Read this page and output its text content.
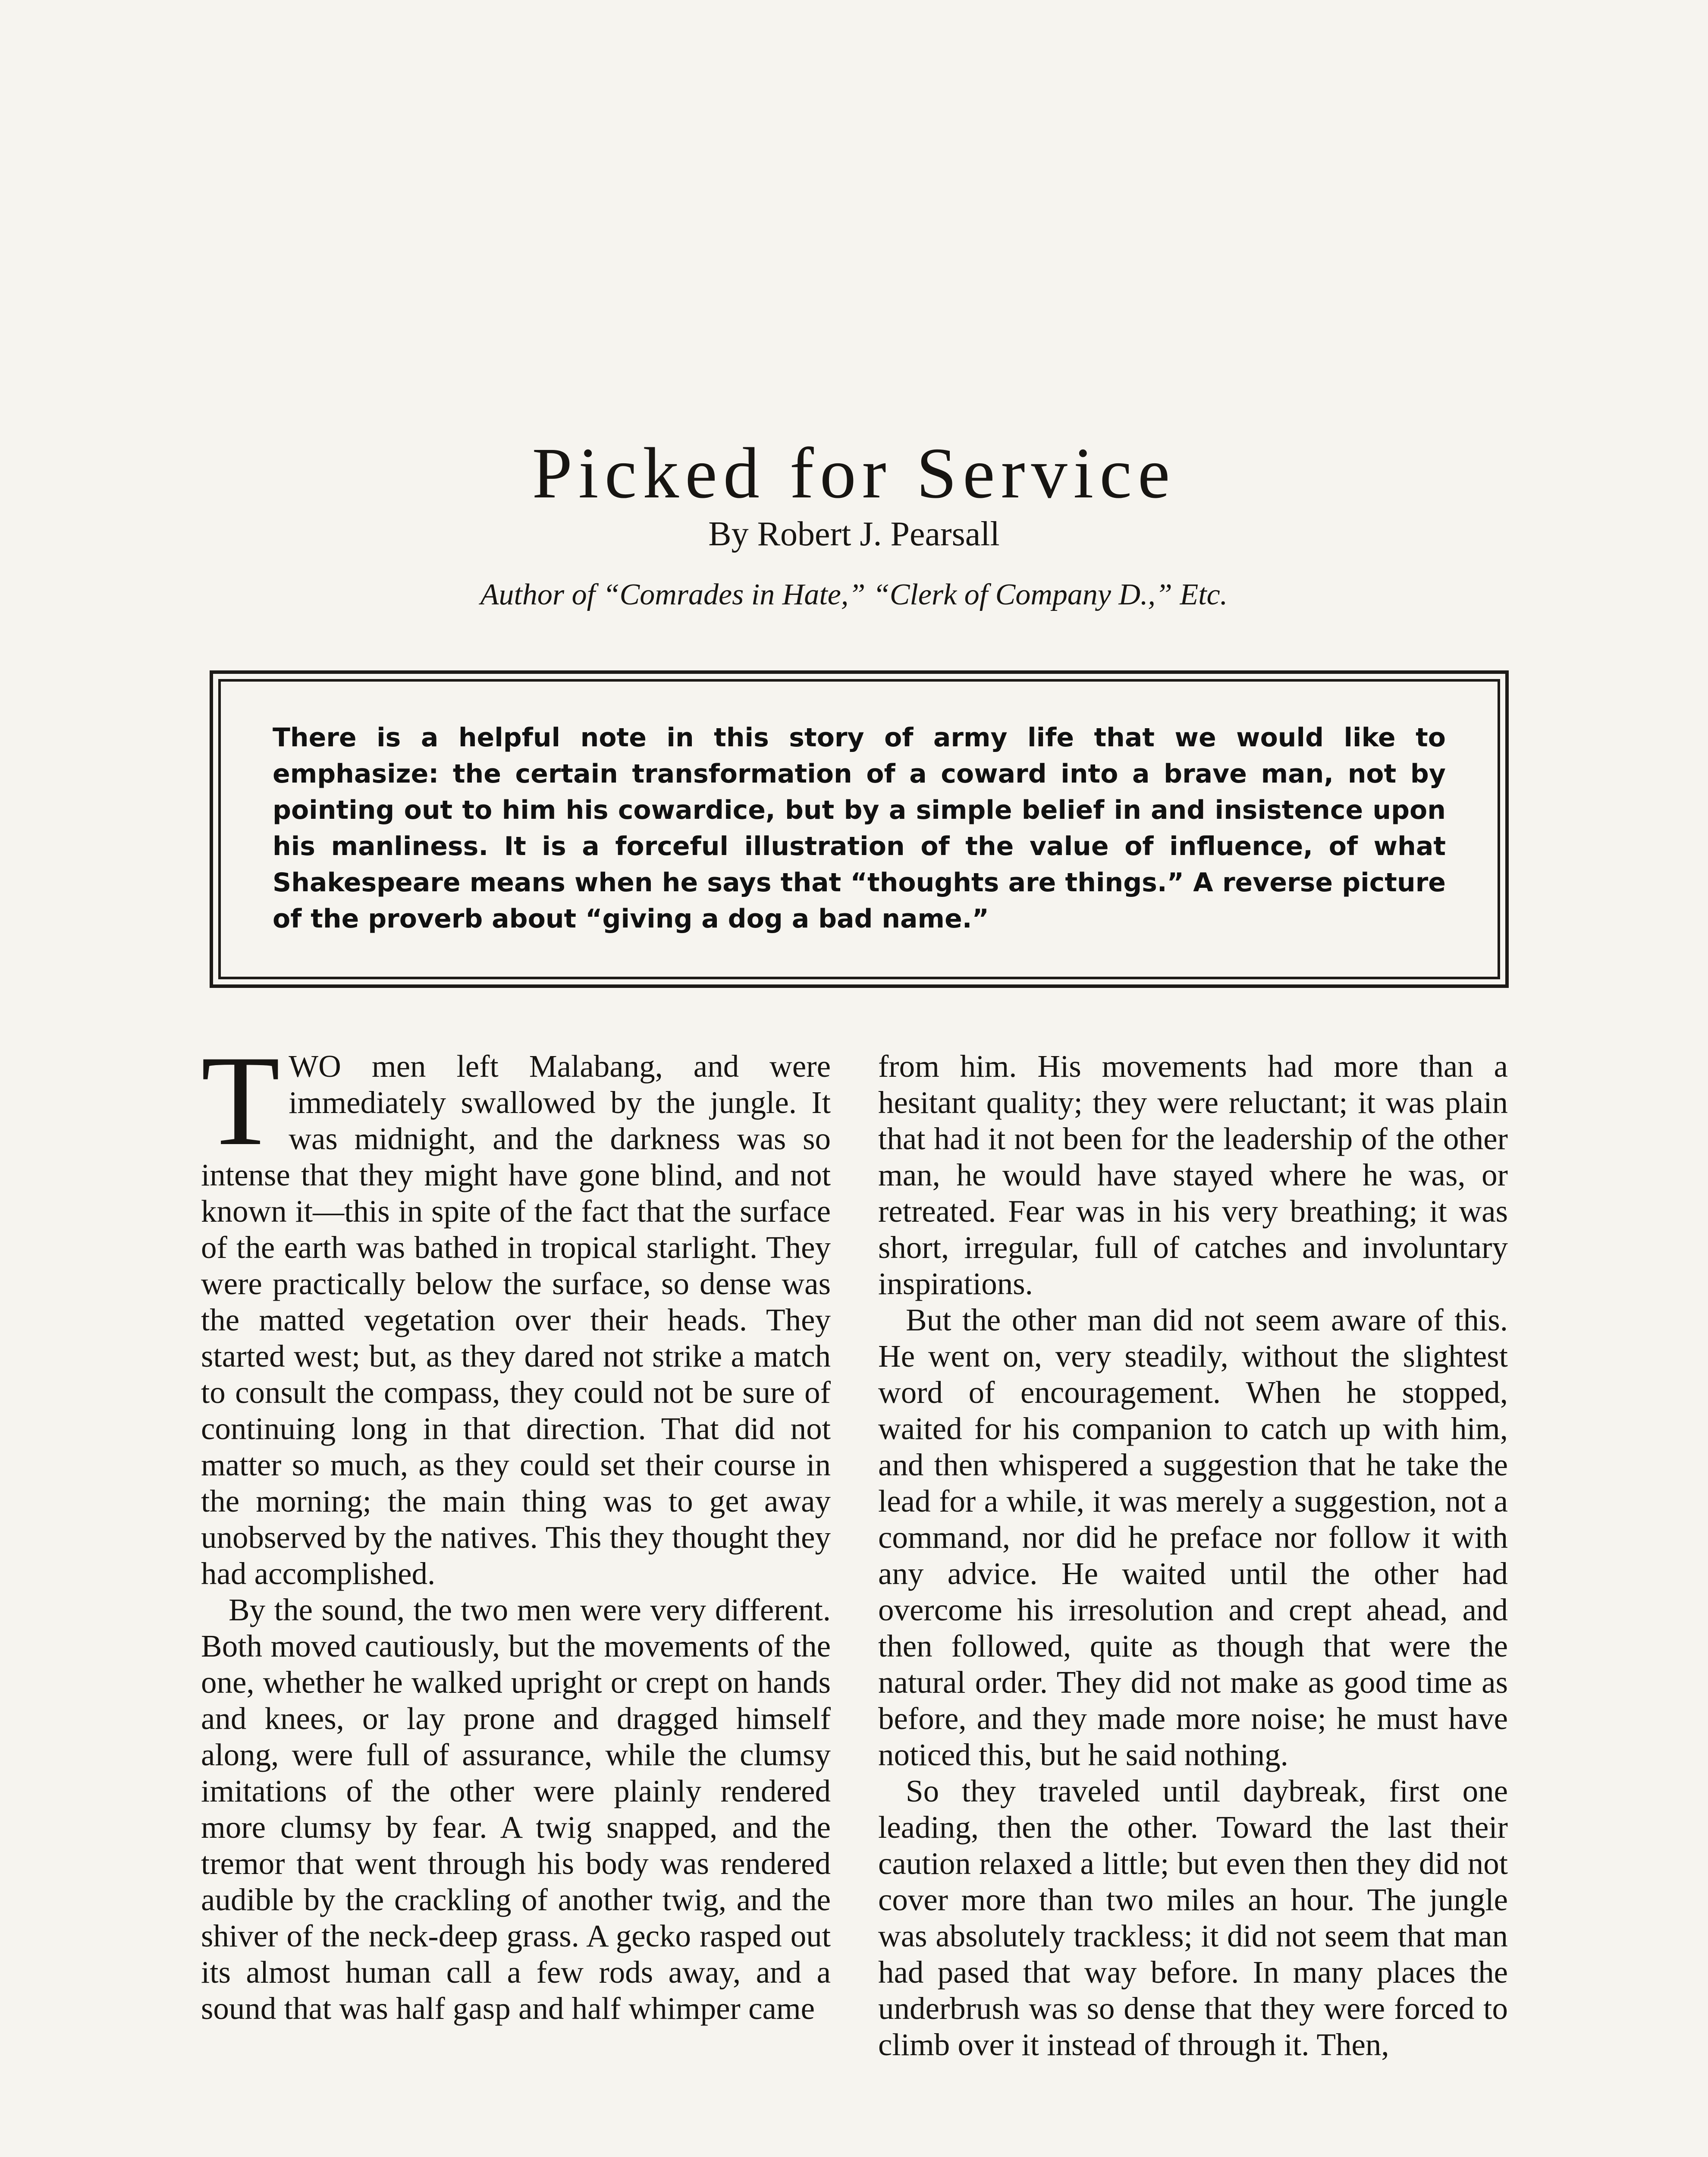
Picked for Service
By Robert J. Pearsall
Author of “Comrades in Hate,” “Clerk of Company D.,” Etc.

There is a helpful note in this story of army life that we would like to emphasize: the certain transformation of a coward into a brave man, not by pointing out to him his cowardice, but by a simple belief in and insistence upon his manliness. It is a forceful illustration of the value of influence, of what Shakespeare means when he says that “thoughts are things.” A reverse picture of the proverb about “giving a dog a bad name.”

TWO men left Malabang, and were immediately swallowed by the jungle. It was midnight, and the darkness was so intense that they might have gone blind, and not known it—this in spite of the fact that the surface of the earth was bathed in tropical starlight. They were practically below the surface, so dense was the matted vegetation over their heads. They started west; but, as they dared not strike a match to consult the compass, they could not be sure of continuing long in that direction. That did not matter so much, as they could set their course in the morning; the main thing was to get away unobserved by the natives. This they thought they had accomplished.

By the sound, the two men were very different. Both moved cautiously, but the movements of the one, whether he walked upright or crept on hands and knees, or lay prone and dragged himself along, were full of assurance, while the clumsy imitations of the other were plainly rendered more clumsy by fear. A twig snapped, and the tremor that went through his body was rendered audible by the crackling of another twig, and the shiver of the neck-deep grass. A gecko rasped out its almost human call a few rods away, and a sound that was half gasp and half whimper came

from him. His movements had more than a hesitant quality; they were reluctant; it was plain that had it not been for the leadership of the other man, he would have stayed where he was, or retreated. Fear was in his very breathing; it was short, irregular, full of catches and involuntary inspirations.

But the other man did not seem aware of this. He went on, very steadily, without the slightest word of encouragement. When he stopped, waited for his companion to catch up with him, and then whispered a suggestion that he take the lead for a while, it was merely a suggestion, not a command, nor did he preface nor follow it with any advice. He waited until the other had overcome his irresolution and crept ahead, and then followed, quite as though that were the natural order. They did not make as good time as before, and they made more noise; he must have noticed this, but he said nothing.

So they traveled until daybreak, first one leading, then the other. Toward the last their caution relaxed a little; but even then they did not cover more than two miles an hour. The jungle was absolutely trackless; it did not seem that man had pased that way before. In many places the underbrush was so dense that they were forced to climb over it instead of through it. Then,
